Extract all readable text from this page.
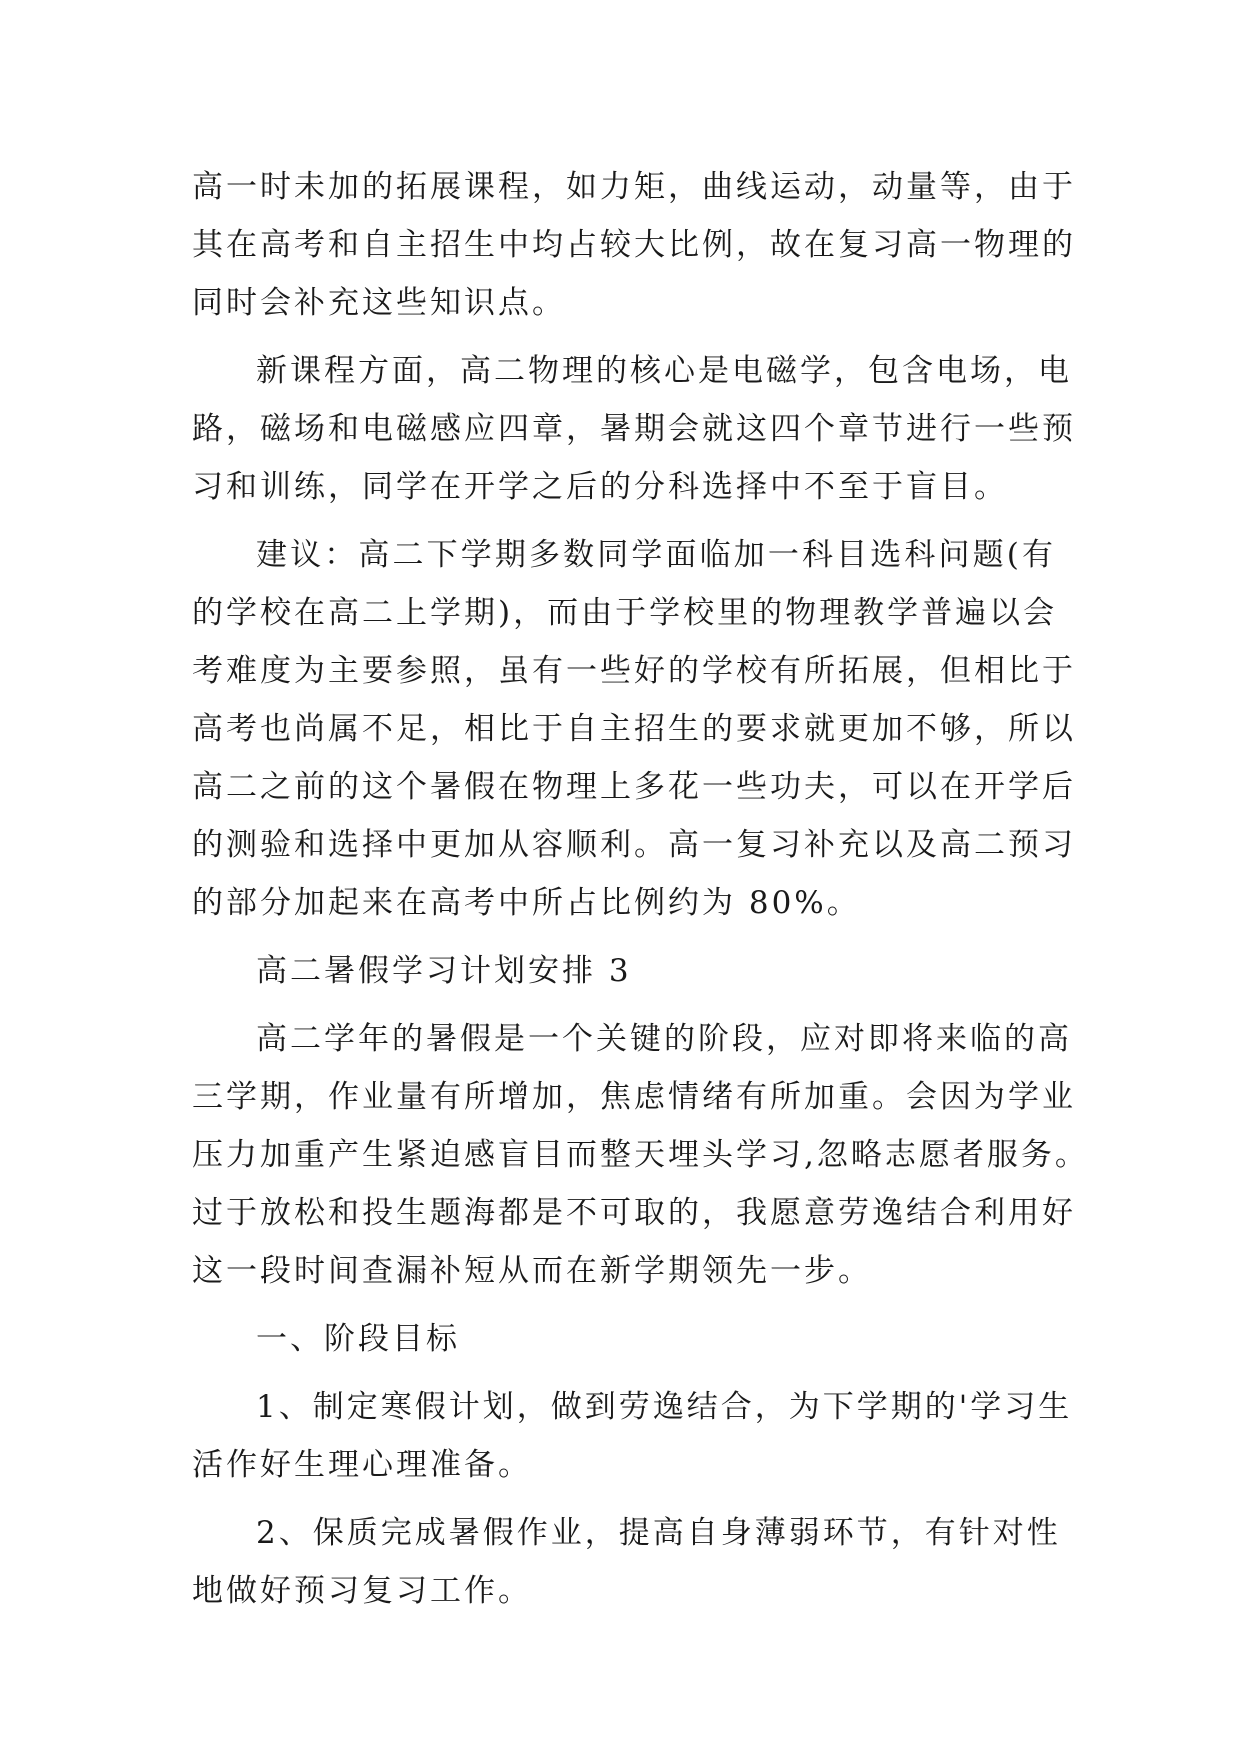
高一时未加的拓展课程，如力矩，曲线运动，动量等，由于
其在高考和自主招生中均占较大比例，故在复习高一物理的
同时会补充这些知识点。
新课程方面，高二物理的核心是电磁学，包含电场，电
路，磁场和电磁感应四章，暑期会就这四个章节进行一些预
习和训练，同学在开学之后的分科选择中不至于盲目。
建议：高二下学期多数同学面临加一科目选科问题(有
的学校在高二上学期)，而由于学校里的物理教学普遍以会
考难度为主要参照，虽有一些好的学校有所拓展，但相比于
高考也尚属不足，相比于自主招生的要求就更加不够，所以
高二之前的这个暑假在物理上多花一些功夫，可以在开学后
的测验和选择中更加从容顺利。高一复习补充以及高二预习
的部分加起来在高考中所占比例约为 80%。
高二暑假学习计划安排 3
高二学年的暑假是一个关键的阶段，应对即将来临的高
三学期，作业量有所增加，焦虑情绪有所加重。会因为学业
压力加重产生紧迫感盲目而整天埋头学习,忽略志愿者服务。
过于放松和投生题海都是不可取的，我愿意劳逸结合利用好
这一段时间查漏补短从而在新学期领先一步。
一、阶段目标
1、制定寒假计划，做到劳逸结合，为下学期的'学习生
活作好生理心理准备。
2、保质完成暑假作业，提高自身薄弱环节，有针对性
地做好预习复习工作。
